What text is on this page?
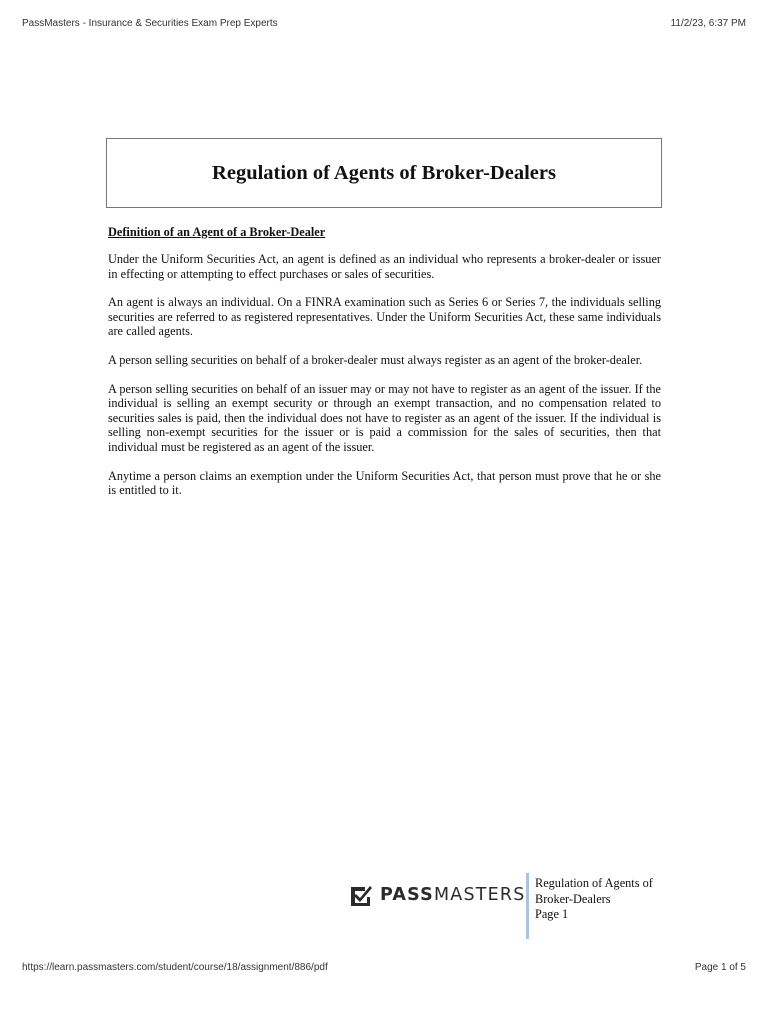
PassMasters - Insurance & Securities Exam Prep Experts	11/2/23, 6:37 PM
Regulation of Agents of Broker-Dealers
Definition of an Agent of a Broker-Dealer

Under the Uniform Securities Act, an agent is defined as an individual who represents a broker-dealer or issuer in effecting or attempting to effect purchases or sales of securities.

An agent is always an individual. On a FINRA examination such as Series 6 or Series 7, the individuals selling securities are referred to as registered representatives. Under the Uniform Securities Act, these same individuals are called agents.

A person selling securities on behalf of a broker-dealer must always register as an agent of the broker-dealer.

A person selling securities on behalf of an issuer may or may not have to register as an agent of the issuer. If the individual is selling an exempt security or through an exempt transaction, and no compensation related to securities sales is paid, then the individual does not have to register as an agent of the issuer. If the individual is selling non-exempt securities for the issuer or is paid a commission for the sales of securities, then that individual must be registered as an agent of the issuer.

Anytime a person claims an exemption under the Uniform Securities Act, that person must prove that he or she is entitled to it.

PASSMASTERS
Regulation of Agents of
Broker-Dealers
Page 1
https://learn.passmasters.com/student/course/18/assignment/886/pdf	Page 1 of 5
